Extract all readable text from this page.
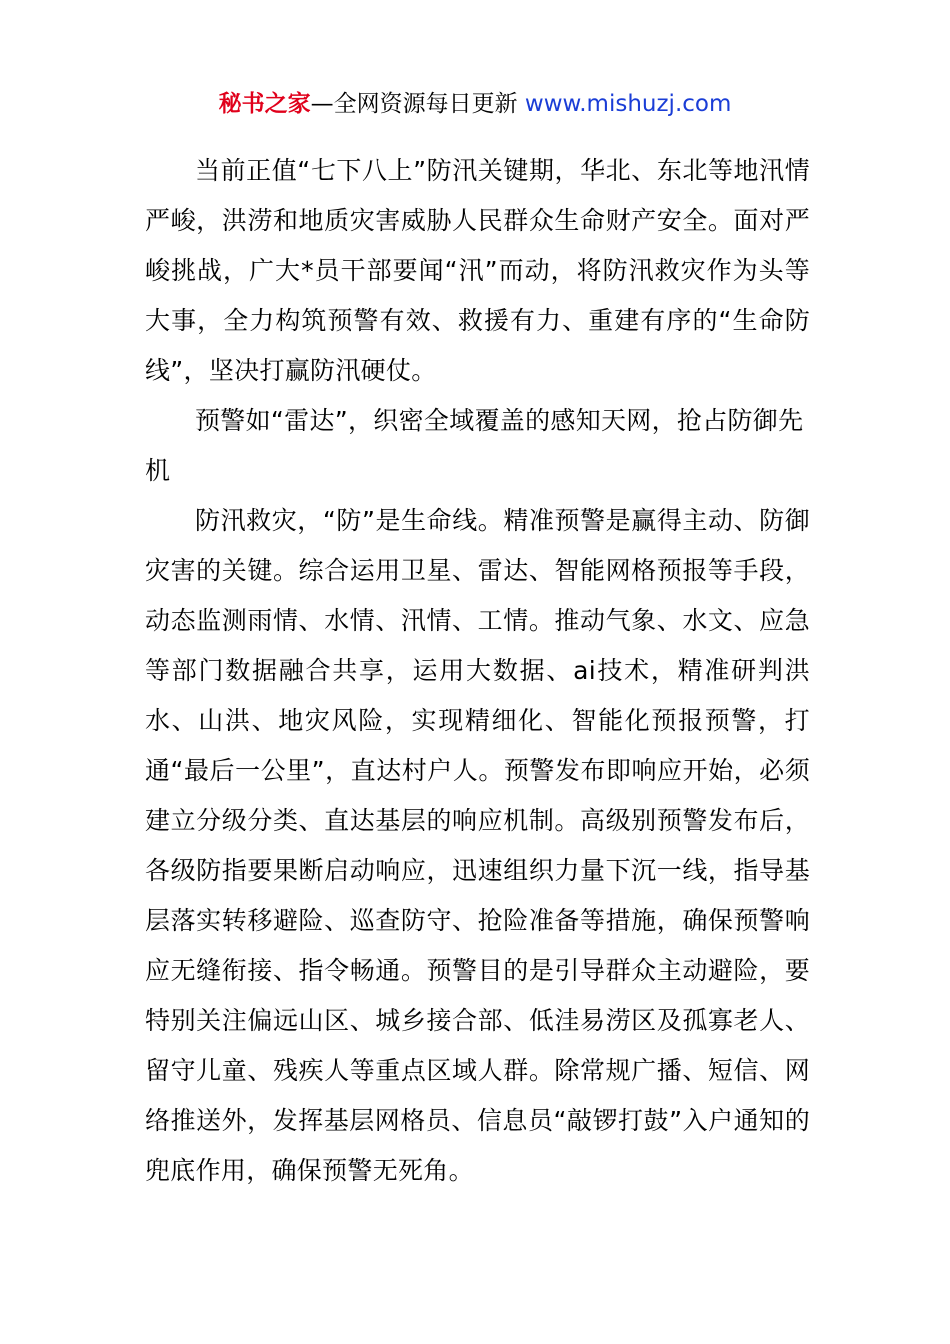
秘书之家—全网资源每日更新 www.mishuzj.com

当前正值“七下八上”防汛关键期，华北、东北等地汛情严峻，洪涝和地质灾害威胁人民群众生命财产安全。面对严峻挑战，广大*员干部要闻“汛”而动，将防汛救灾作为头等大事，全力构筑预警有效、救援有力、重建有序的“生命防线”，坚决打赢防汛硬仗。

预警如“雷达”，织密全域覆盖的感知天网，抢占防御先机

防汛救灾，“防”是生命线。精准预警是赢得主动、防御灾害的关键。综合运用卫星、雷达、智能网格预报等手段，动态监测雨情、水情、汛情、工情。推动气象、水文、应急等部门数据融合共享，运用大数据、ai技术，精准研判洪水、山洪、地灾风险，实现精细化、智能化预报预警，打通“最后一公里”，直达村户人。预警发布即响应开始，必须建立分级分类、直达基层的响应机制。高级别预警发布后，各级防指要果断启动响应，迅速组织力量下沉一线，指导基层落实转移避险、巡查防守、抢险准备等措施，确保预警响应无缝衔接、指令畅通。预警目的是引导群众主动避险，要特别关注偏远山区、城乡接合部、低洼易涝区及孤寡老人、留守儿童、残疾人等重点区域人群。除常规广播、短信、网络推送外，发挥基层网格员、信息员“敲锣打鼓”入户通知的兜底作用，确保预警无死角。
